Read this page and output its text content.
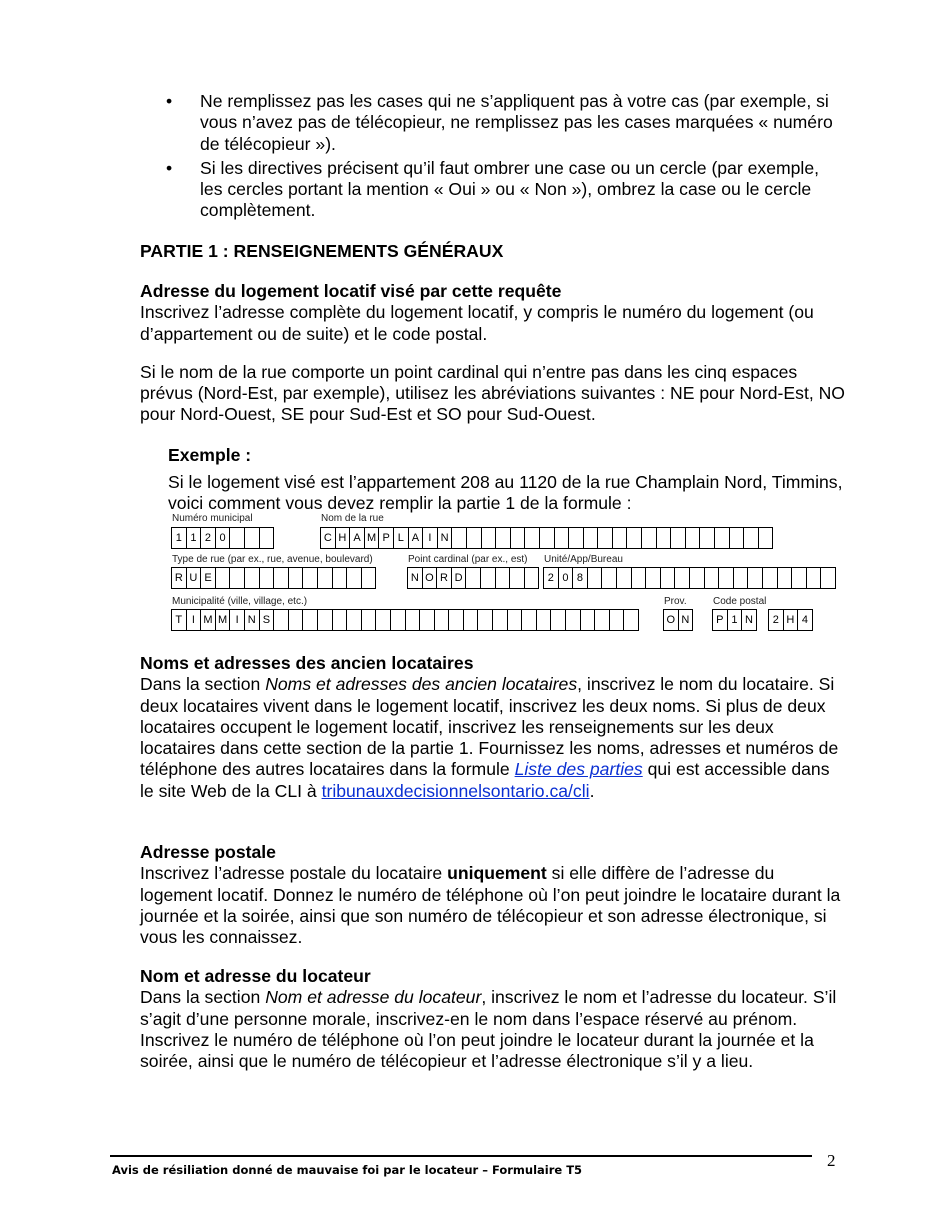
• Ne remplissez pas les cases qui ne s’appliquent pas à votre cas (par exemple, si vous n’avez pas de télécopieur, ne remplissez pas les cases marquées « numéro de télécopieur »).
• Si les directives précisent qu’il faut ombrer une case ou un cercle (par exemple, les cercles portant la mention « Oui » ou « Non »), ombrez la case ou le cercle complètement.
PARTIE 1 : RENSEIGNEMENTS GÉNÉRAUX
Adresse du logement locatif visé par cette requête
Inscrivez l’adresse complète du logement locatif, y compris le numéro du logement (ou d’appartement ou de suite) et le code postal.
Si le nom de la rue comporte un point cardinal qui n’entre pas dans les cinq espaces prévus (Nord-Est, par exemple), utilisez les abréviations suivantes : NE pour Nord-Est, NO pour Nord-Ouest, SE pour Sud-Est et SO pour Sud-Ouest.
Exemple :
Si le logement visé est l’appartement 208 au 1120 de la rue Champlain Nord, Timmins, voici comment vous devez remplir la partie 1 de la formule :
Numéro municipal	Nom de la rue
1 1 2 0	C H A M P L A I N
Type de rue (par ex., rue, avenue, boulevard)	Point cardinal (par ex., est) Unité/App/Bureau
R U E	N O R D	2 0 8
Municipalité (ville, village, etc.)	Prov.	Code postal
T I M M I N S	O N	P 1 N	2 H 4
Noms et adresses des ancien locataires
Dans la section Noms et adresses des ancien locataires, inscrivez le nom du locataire. Si deux locataires vivent dans le logement locatif, inscrivez les deux noms. Si plus de deux locataires occupent le logement locatif, inscrivez les renseignements sur les deux locataires dans cette section de la partie 1. Fournissez les noms, adresses et numéros de téléphone des autres locataires dans la formule Liste des parties qui est accessible dans le site Web de la CLI à tribunauxdecisionnelsontario.ca/cli.
Adresse postale
Inscrivez l’adresse postale du locataire uniquement si elle diffère de l’adresse du logement locatif. Donnez le numéro de téléphone où l’on peut joindre le locataire durant la journée et la soirée, ainsi que son numéro de télécopieur et son adresse électronique, si vous les connaissez.
Nom et adresse du locateur
Dans la section Nom et adresse du locateur, inscrivez le nom et l’adresse du locateur. S’il s’agit d’une personne morale, inscrivez-en le nom dans l’espace réservé au prénom. Inscrivez le numéro de téléphone où l’on peut joindre le locateur durant la journée et la soirée, ainsi que le numéro de télécopieur et l’adresse électronique s’il y a lieu.
Avis de résiliation donné de mauvaise foi par le locateur – Formulaire T5	2
